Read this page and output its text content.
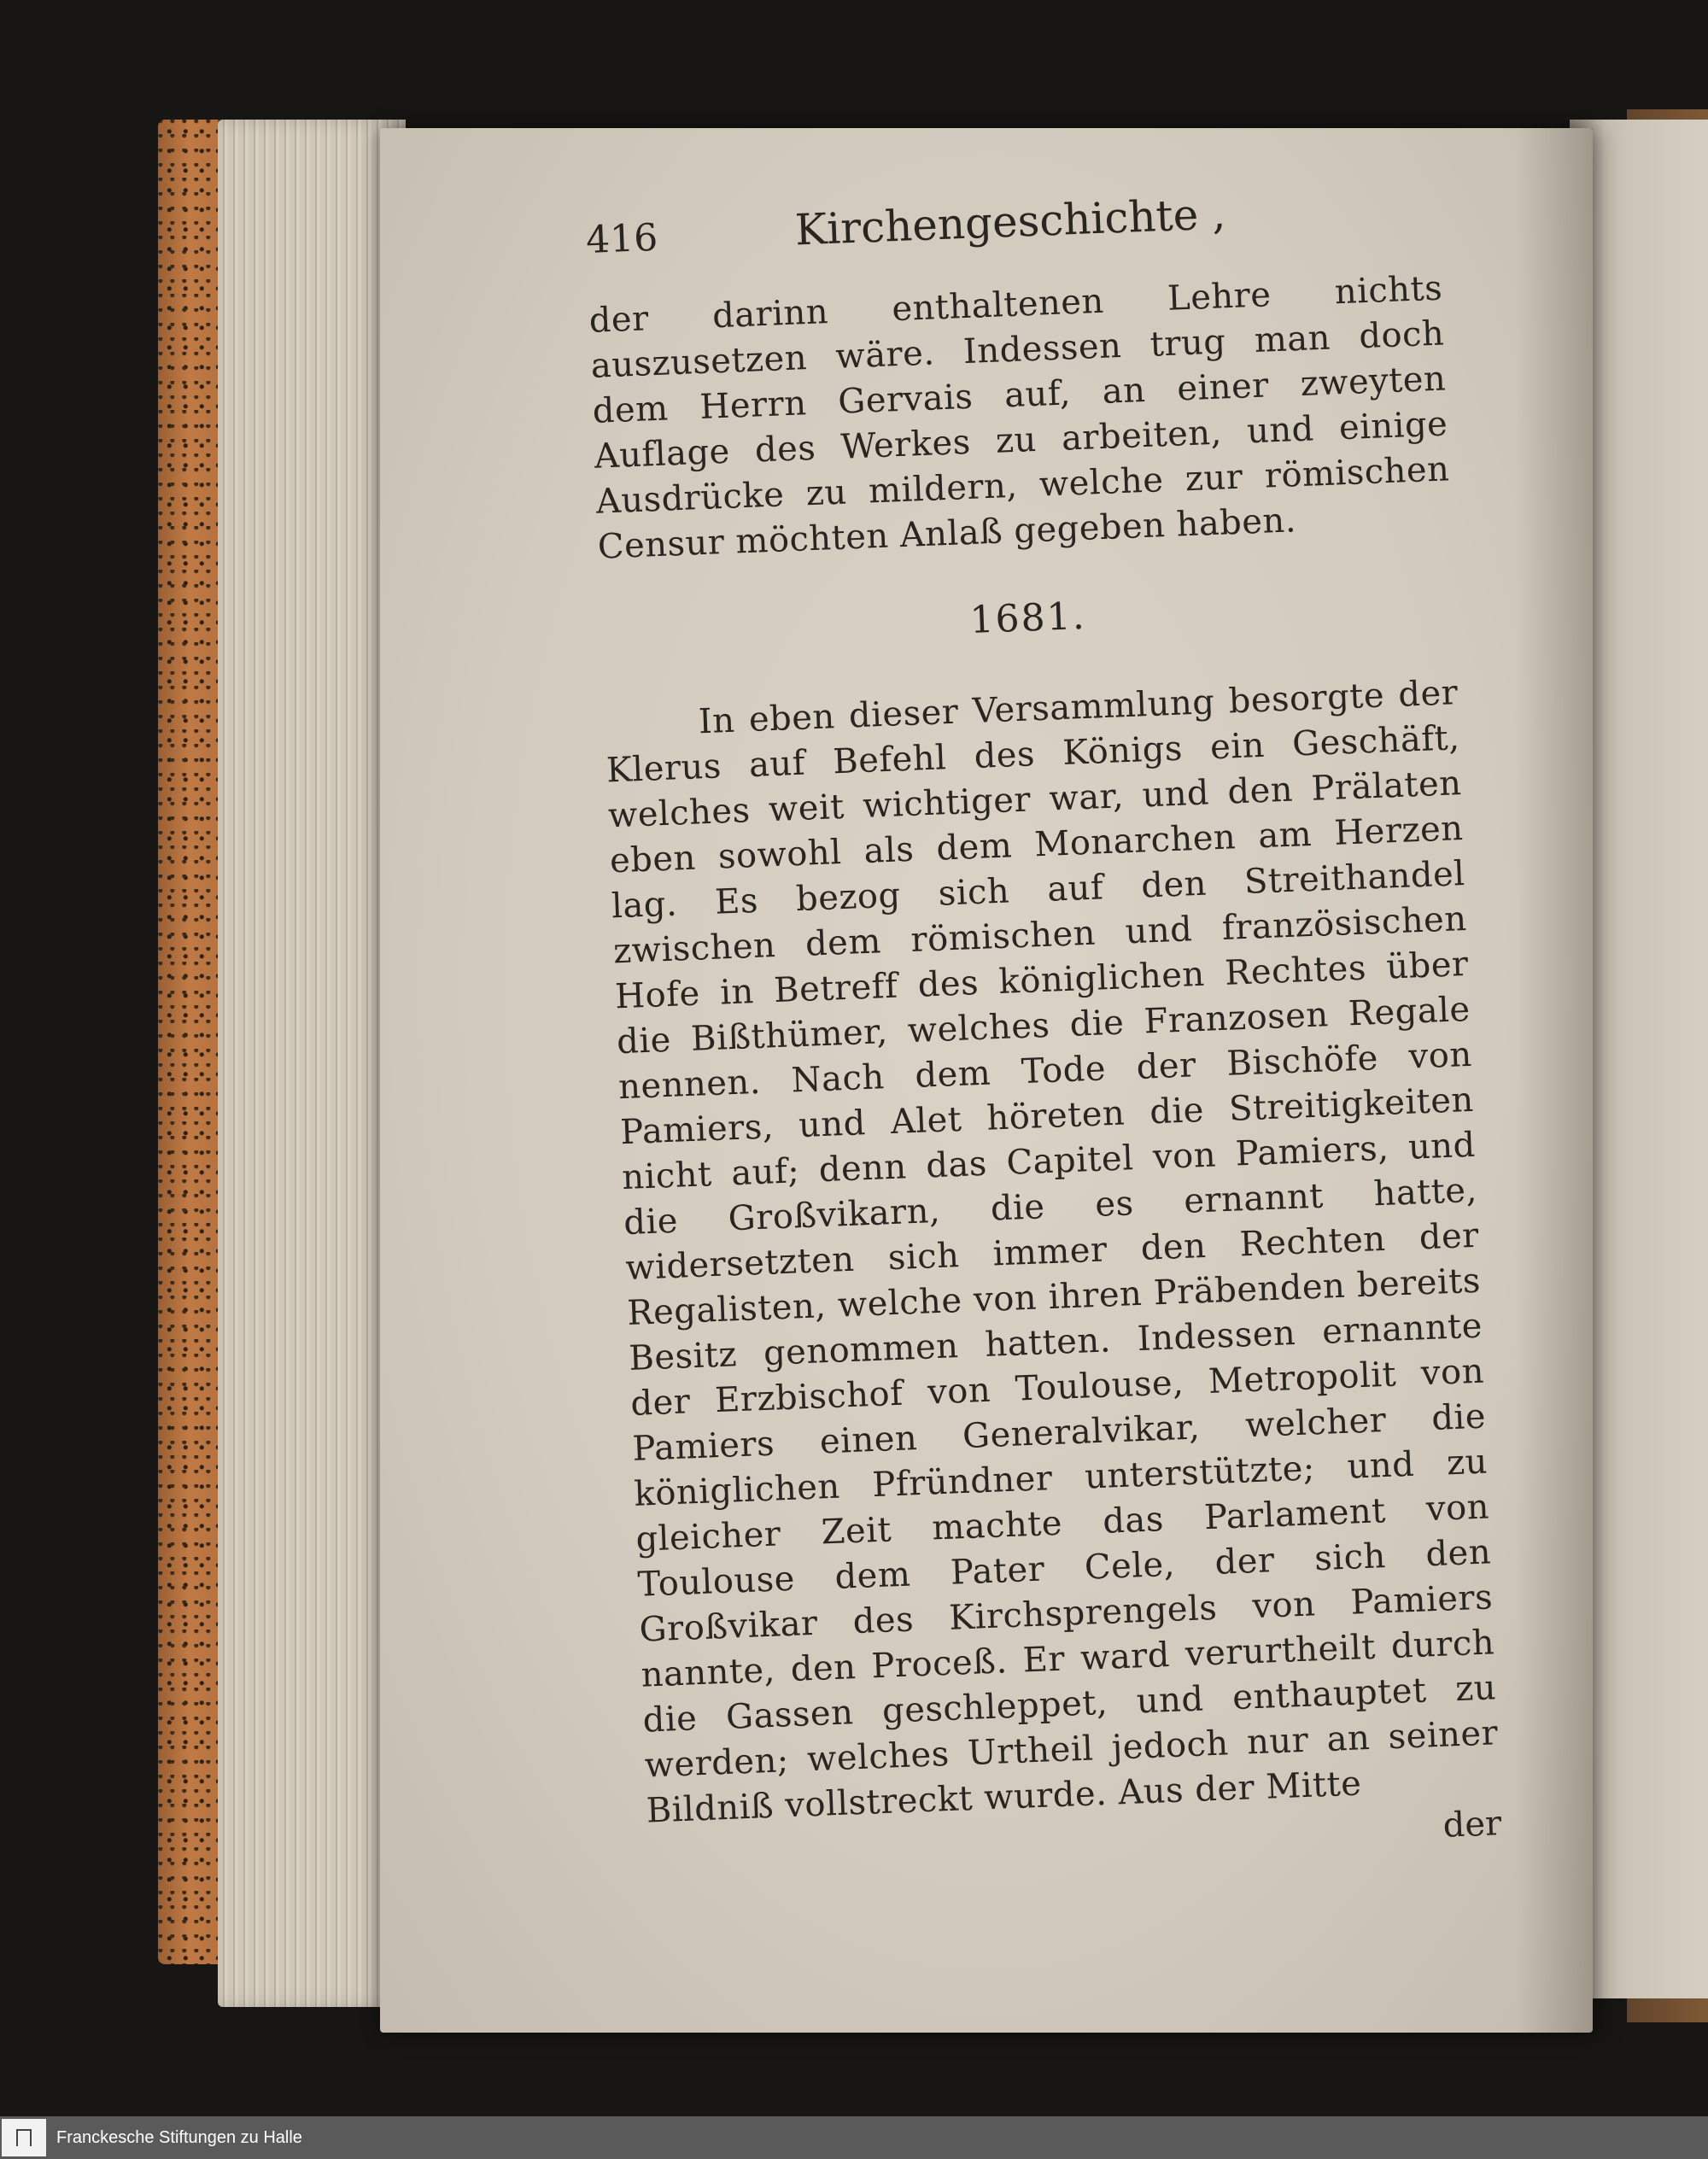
416	Kirchengeschichte ,

der darinn enthaltenen Lehre nichts auszusetzen wäre. Indessen trug man doch dem Herrn Gervais auf, an einer zweyten Auflage des Werkes zu arbeiten, und einige Ausdrücke zu mildern, welche zur römischen Censur möchten Anlaß gegeben haben.

1681.

In eben dieser Versammlung besorgte der Klerus auf Befehl des Königs ein Geschäft, welches weit wichtiger war, und den Prälaten eben sowohl als dem Monarchen am Herzen lag. Es bezog sich auf den Streithandel zwischen dem römischen und französischen Hofe in Betreff des königlichen Rechtes über die Bißthümer, welches die Franzosen Regale nennen. Nach dem Tode der Bischöfe von Pamiers, und Alet höreten die Streitigkeiten nicht auf; denn das Capitel von Pamiers, und die Großvikarn, die es ernannt hatte, widersetzten sich immer den Rechten der Regalisten, welche von ihren Präbenden bereits Besitz genommen hatten. Indessen ernannte der Erzbischof von Toulouse, Metropolit von Pamiers einen Generalvikar, welcher die königlichen Pfründner unterstützte; und zu gleicher Zeit machte das Parlament von Toulouse dem Pater Cele, der sich den Großvikar des Kirchsprengels von Pamiers nannte, den Proceß. Er ward verurtheilt durch die Gassen geschleppet, und enthauptet zu werden; welches Urtheil jedoch nur an seiner Bildniß vollstreckt wurde. Aus der Mitte	der
Franckesche Stiftungen zu Halle
